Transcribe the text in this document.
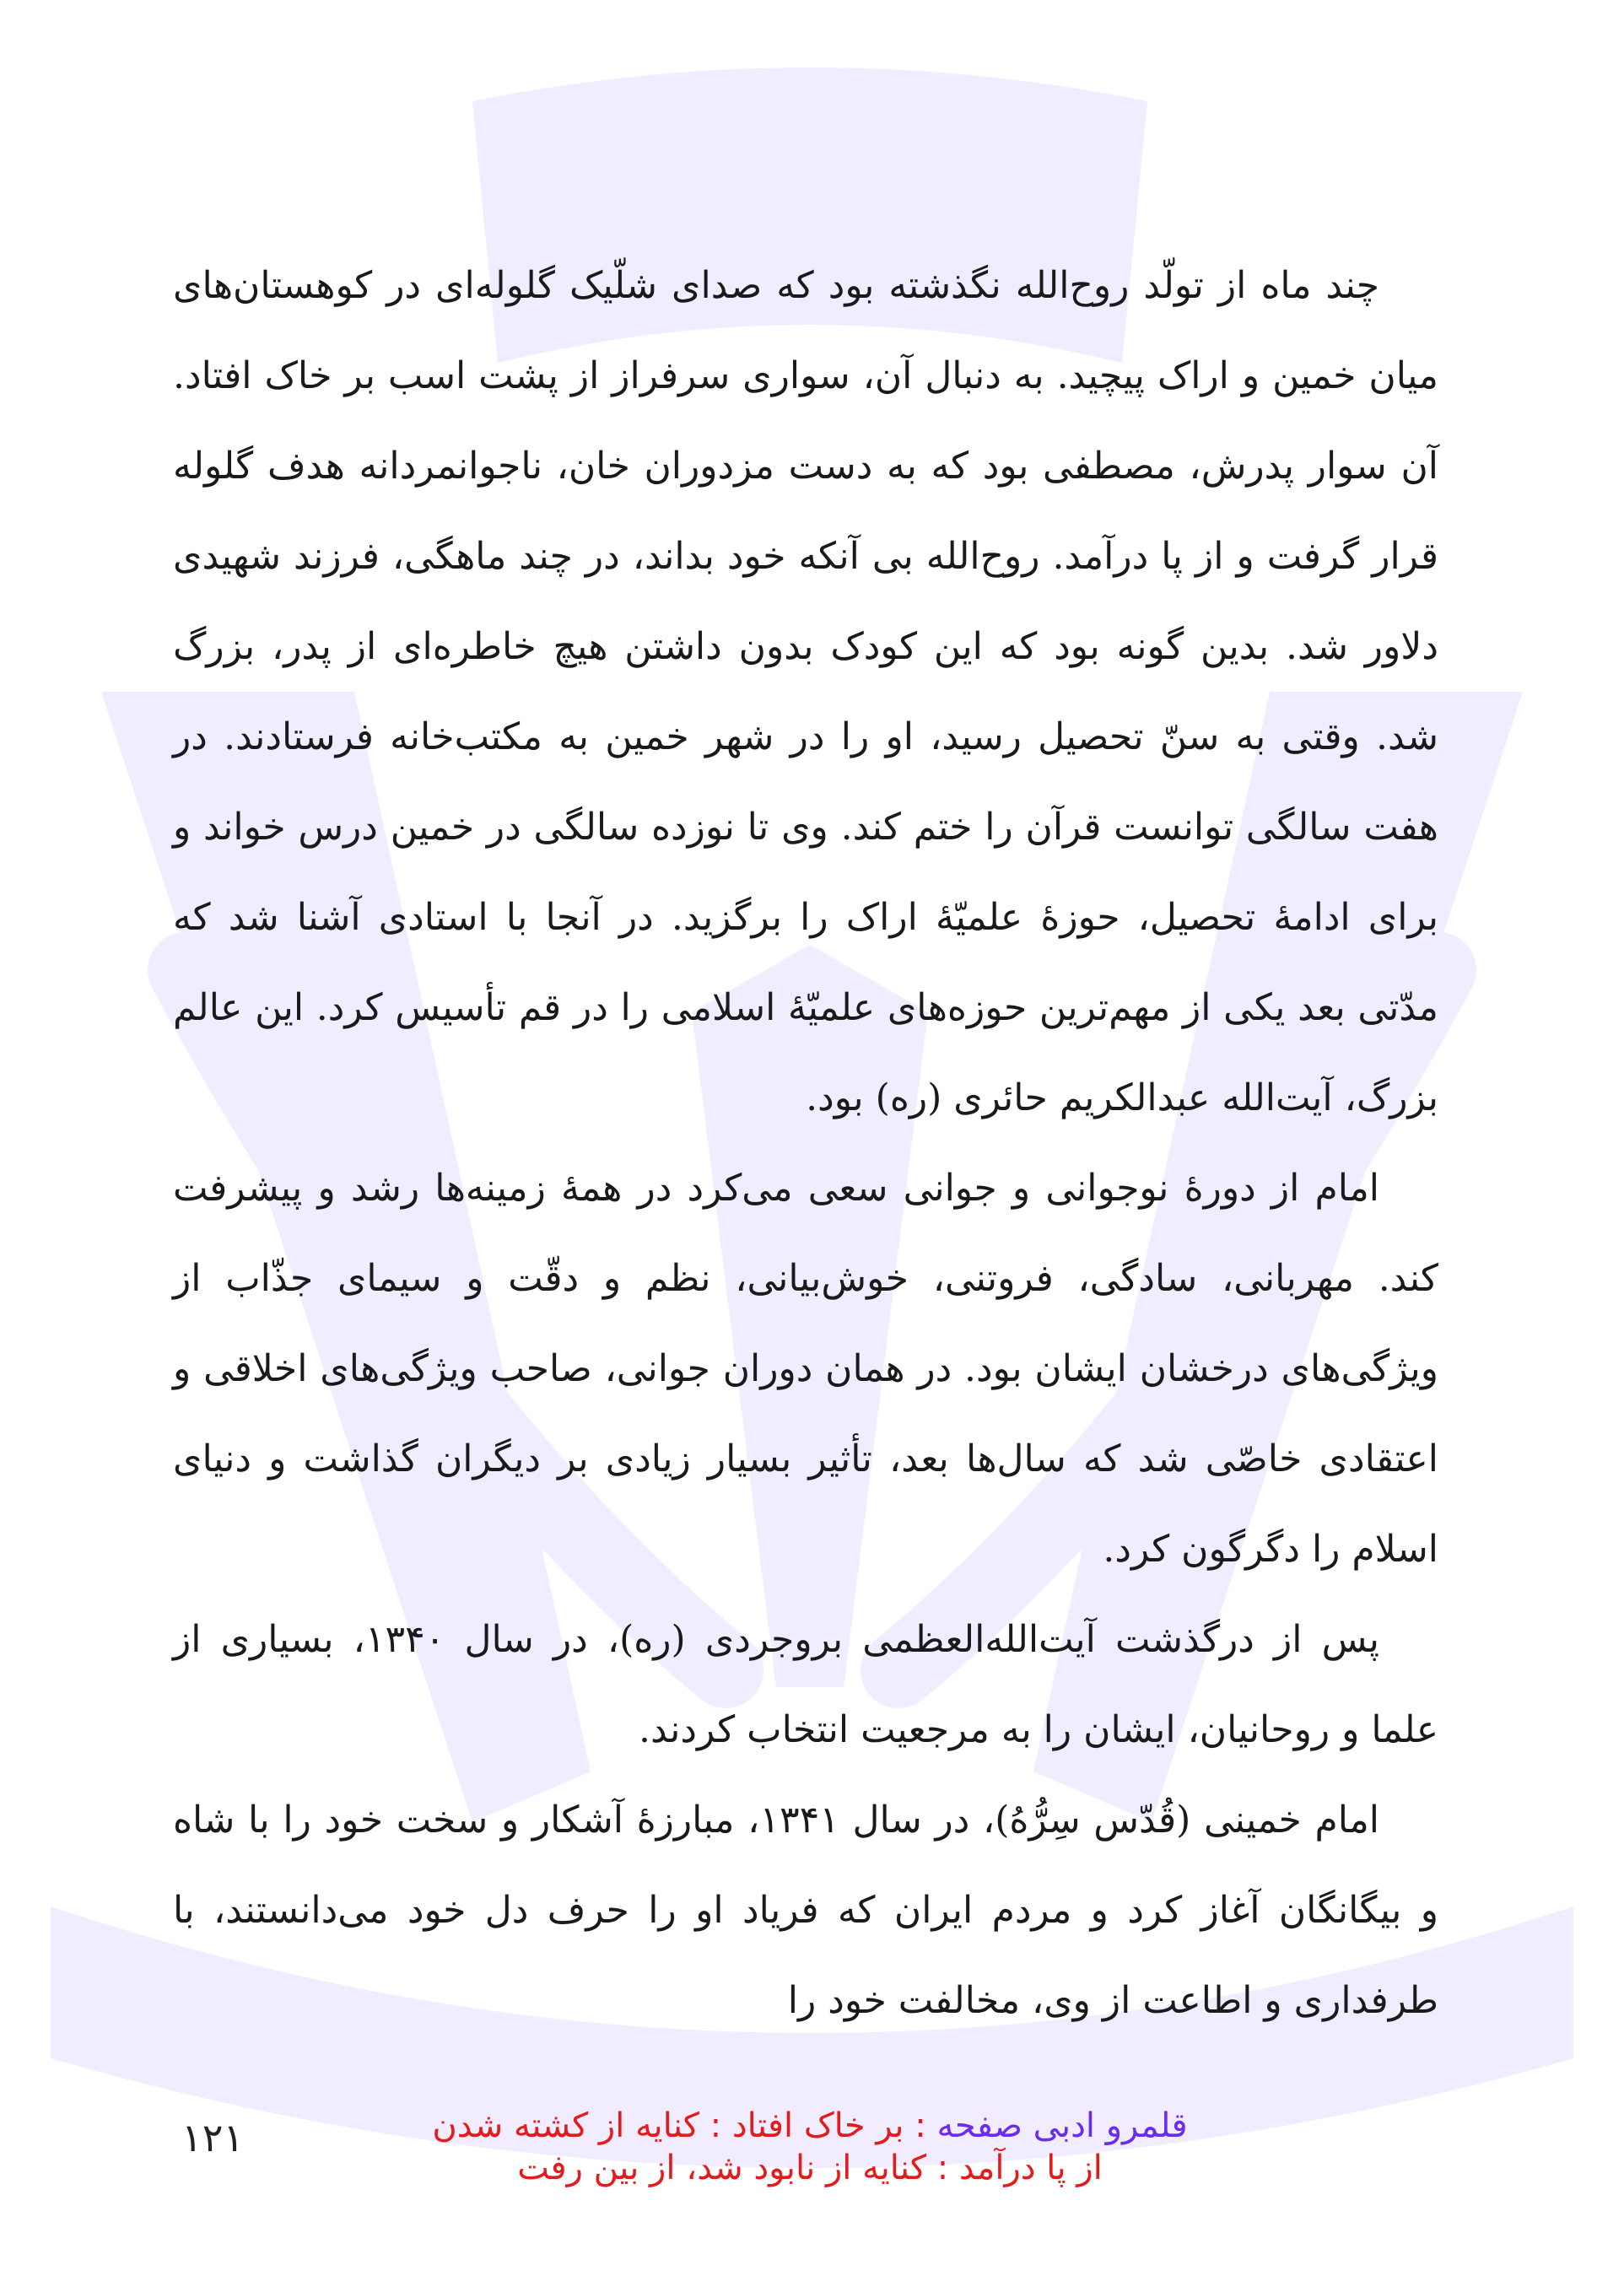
چند ماه از تولّد روح‌الله نگذشته بود که صدای شلّیک گلوله‌ای در کوهستان‌های میان خمین و اراک پیچید. به دنبال آن، سواری سرفراز از پشت اسب بر خاک افتاد. آن سوار پدرش، مصطفی بود که به دست مزدوران خان، ناجوانمردانه هدف گلوله قرار گرفت و از پا درآمد. روح‌الله بی آنکه خود بداند، در چند ماهگی، فرزند شهیدی دلاور شد. بدین گونه بود که این کودک بدون داشتن هیچ خاطره‌ای از پدر، بزرگ شد. وقتی به سنّ تحصیل رسید، او را در شهر خمین به مکتب‌خانه فرستادند. در هفت سالگی توانست قرآن را ختم کند. وی تا نوزده سالگی در خمین درس خواند و برای ادامهٔ تحصیل، حوزهٔ علمیّهٔ اراک را برگزید. در آنجا با استادی آشنا شد که مدّتی بعد یکی از مهم‌ترین حوزه‌های علمیّهٔ اسلامی را در قم تأسیس کرد. این عالم بزرگ، آیت‌الله عبدالکریم حائری (ره) بود.

امام از دورهٔ نوجوانی و جوانی سعی می‌کرد در همهٔ زمینه‌ها رشد و پیشرفت کند. مهربانی، سادگی، فروتنی، خوش‌بیانی، نظم و دقّت و سیمای جذّاب از ویژگی‌های درخشان ایشان بود. در همان دوران جوانی، صاحب ویژگی‌های اخلاقی و اعتقادی خاصّی شد که سال‌ها بعد، تأثیر بسیار زیادی بر دیگران گذاشت و دنیای اسلام را دگرگون کرد.

پس از درگذشت آیت‌الله‌العظمی بروجردی (ره)، در سال ۱۳۴۰، بسیاری از علما و روحانیان، ایشان را به مرجعیت انتخاب کردند.

امام خمینی (قُدّس سِرُّهُ)، در سال ۱۳۴۱، مبارزهٔ آشکار و سخت خود را با شاه و بیگانگان آغاز کرد و مردم ایران که فریاد او را حرف دل خود می‌دانستند، با طرفداری و اطاعت از وی، مخالفت خود را

۱۲۱	قلمرو ادبی صفحه : بر خاک افتاد : کنایه از کشته شدن
از پا درآمد : کنایه از نابود شد، از بین رفت
